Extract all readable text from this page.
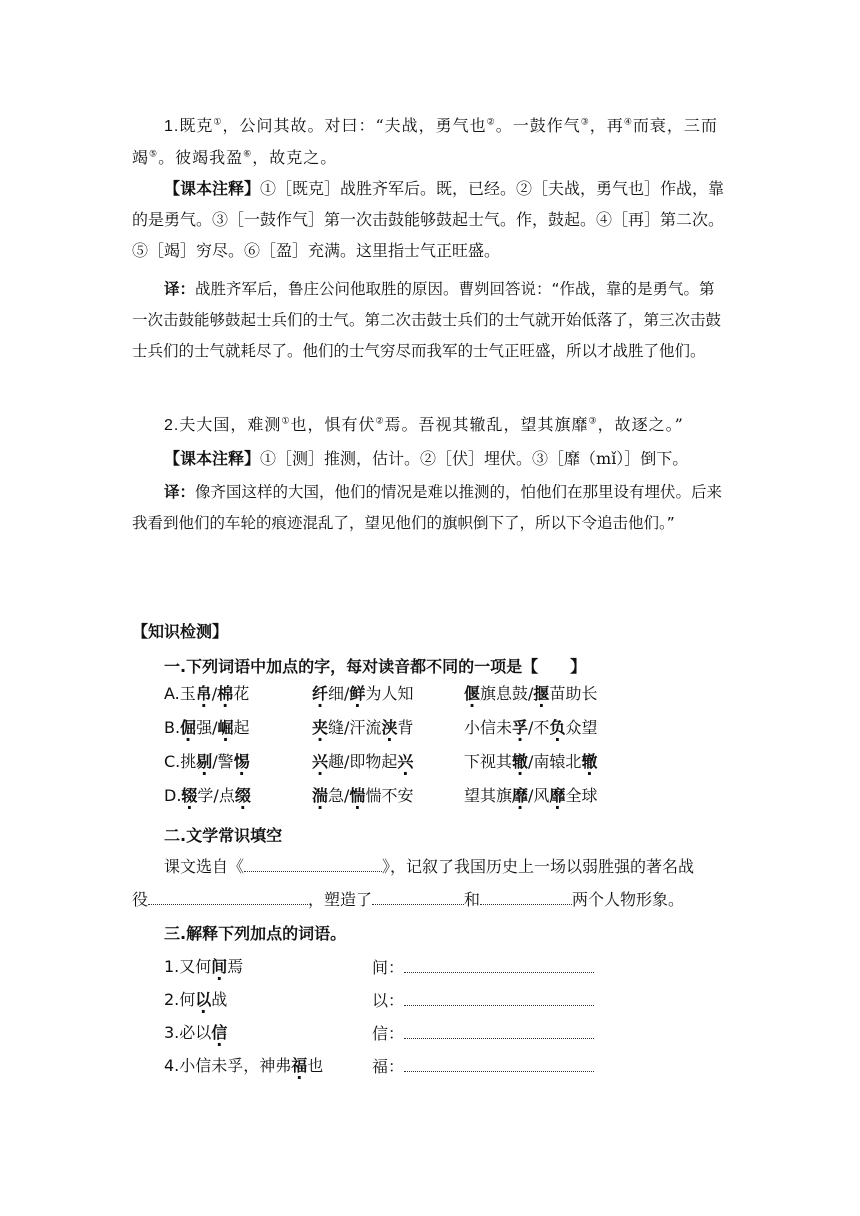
1.既克①，公问其故。对曰：“夫战，勇气也②。一鼓作气③，再④而衰，三而竭⑤。彼竭我盈⑥，故克之。

【课本注释】①［既克］战胜齐军后。既，已经。②［夫战，勇气也］作战，靠的是勇气。③［一鼓作气］第一次击鼓能够鼓起士气。作，鼓起。④［再］第二次。⑤［竭］穷尽。⑥［盈］充满。这里指士气正旺盛。

译：战胜齐军后，鲁庄公问他取胜的原因。曹刿回答说：“作战，靠的是勇气。第一次击鼓能够鼓起士兵们的士气。第二次击鼓士兵们的士气就开始低落了，第三次击鼓士兵们的士气就耗尽了。他们的士气穷尽而我军的士气正旺盛，所以才战胜了他们。

2.夫大国，难测①也，惧有伏②焉。吾视其辙乱，望其旗靡③，故逐之。”

【课本注释】①［测］推测，估计。②［伏］埋伏。③［靡（mǐ）］倒下。

译：像齐国这样的大国，他们的情况是难以推测的，怕他们在那里设有埋伏。后来我看到他们的车轮的痕迹混乱了，望见他们的旗帜倒下了，所以下令追击他们。”

【知识检测】
一.下列词语中加点的字，每对读音都不同的一项是【　　】
A.玉帛/棉花	纤细/鲜为人知	偃旗息鼓/揠苗助长
B.倔强/崛起	夹缝/汗流浃背	小信未孚/不负众望
C.挑剔/警惕	兴趣/即物起兴	下视其辙/南辕北辙
D.辍学/点缀	湍急/惴惴不安	望其旗靡/风靡全球
二.文学常识填空
课文选自《	》，记叙了我国历史上一场以弱胜强的著名战
役	，塑造了	和	两个人物形象。
三.解释下列加点的词语。
1.又何间焉	间：
2.何以战	以：
3.必以信	信：
4.小信未孚，神弗福也	福：
